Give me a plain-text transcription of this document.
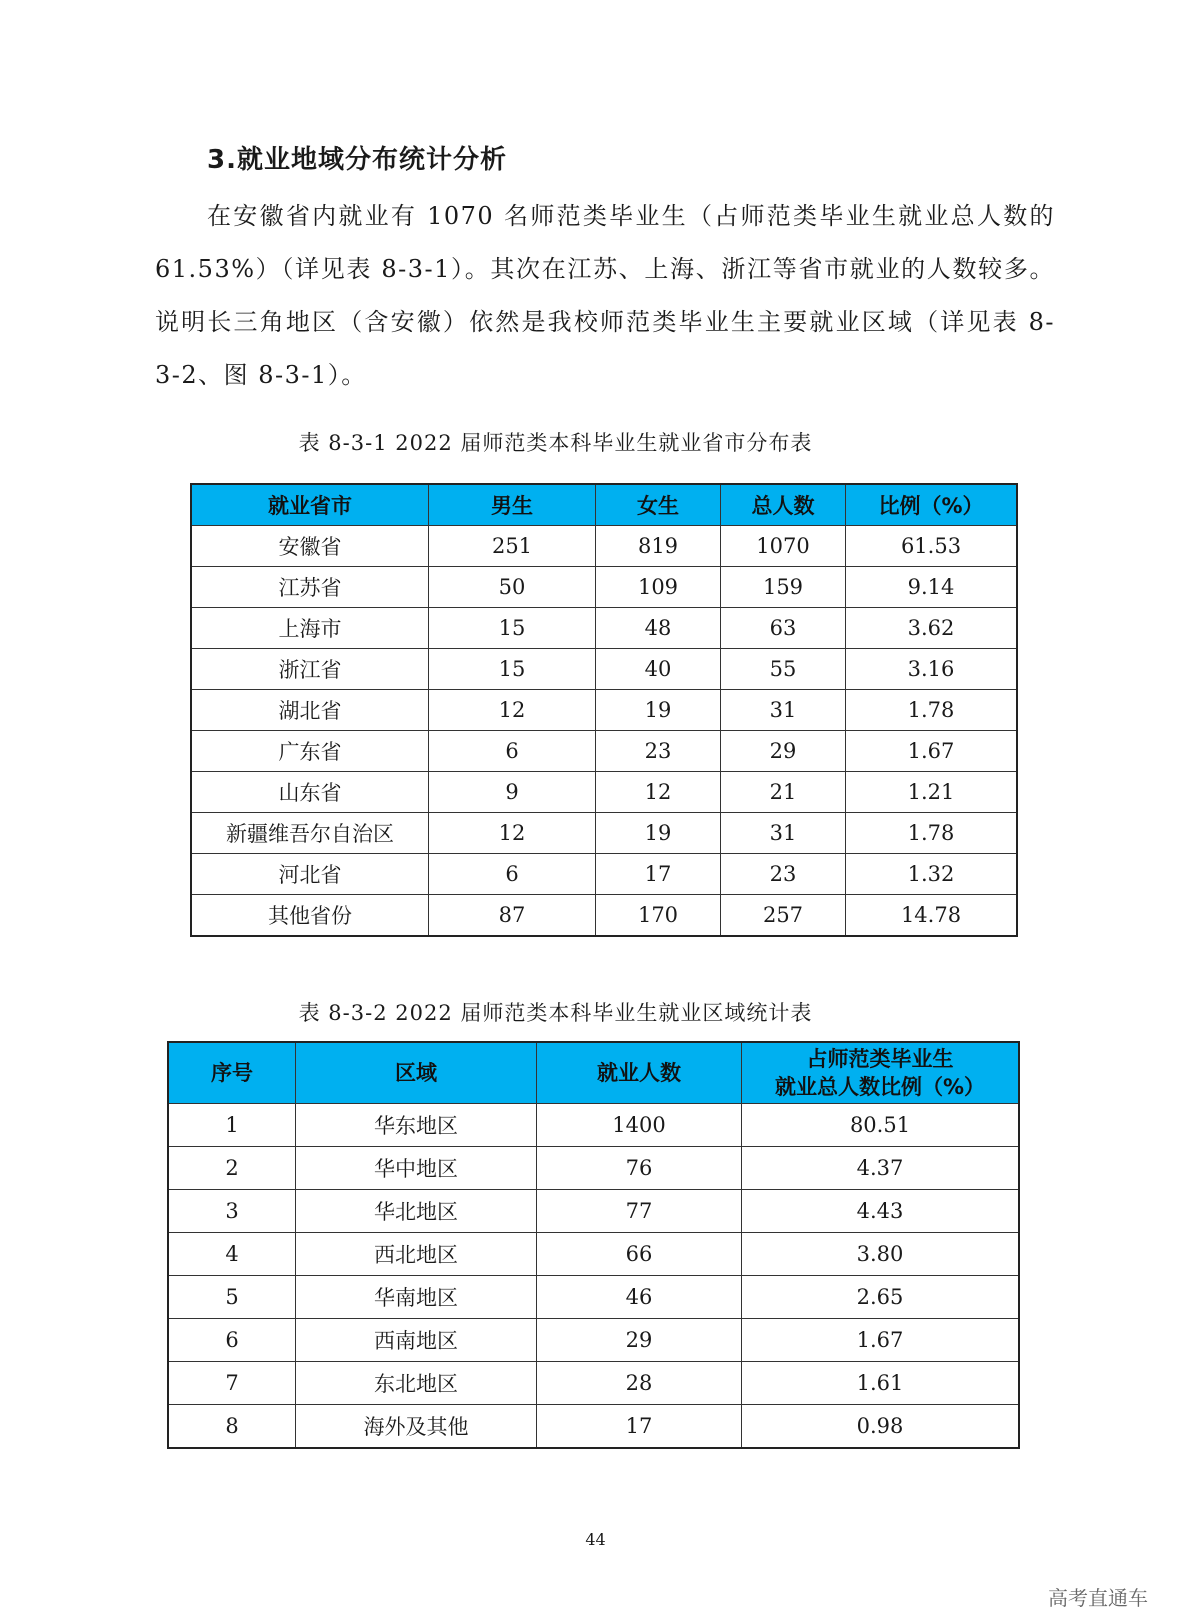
3.就业地域分布统计分析
在安徽省内就业有 1070 名师范类毕业生（占师范类毕业生就业总人数的 61.53%）（详见表 8-3-1）。其次在江苏、上海、浙江等省市就业的人数较多。说明长三角地区（含安徽）依然是我校师范类毕业生主要就业区域（详见表 8-3-2、图 8-3-1）。
表 8-3-1 2022 届师范类本科毕业生就业省市分布表
就业省市	男生	女生	总人数	比例（%）
安徽省	251	819	1070	61.53
江苏省	50	109	159	9.14
上海市	15	48	63	3.62
浙江省	15	40	55	3.16
湖北省	12	19	31	1.78
广东省	6	23	29	1.67
山东省	9	12	21	1.21
新疆维吾尔自治区	12	19	31	1.78
河北省	6	17	23	1.32
其他省份	87	170	257	14.78
表 8-3-2 2022 届师范类本科毕业生就业区域统计表
序号	区域	就业人数	占师范类毕业生
就业总人数比例（%）
1	华东地区	1400	80.51
2	华中地区	76	4.37
3	华北地区	77	4.43
4	西北地区	66	3.80
5	华南地区	46	2.65
6	西南地区	29	1.67
7	东北地区	28	1.61
8	海外及其他	17	0.98
44
高考直通车
